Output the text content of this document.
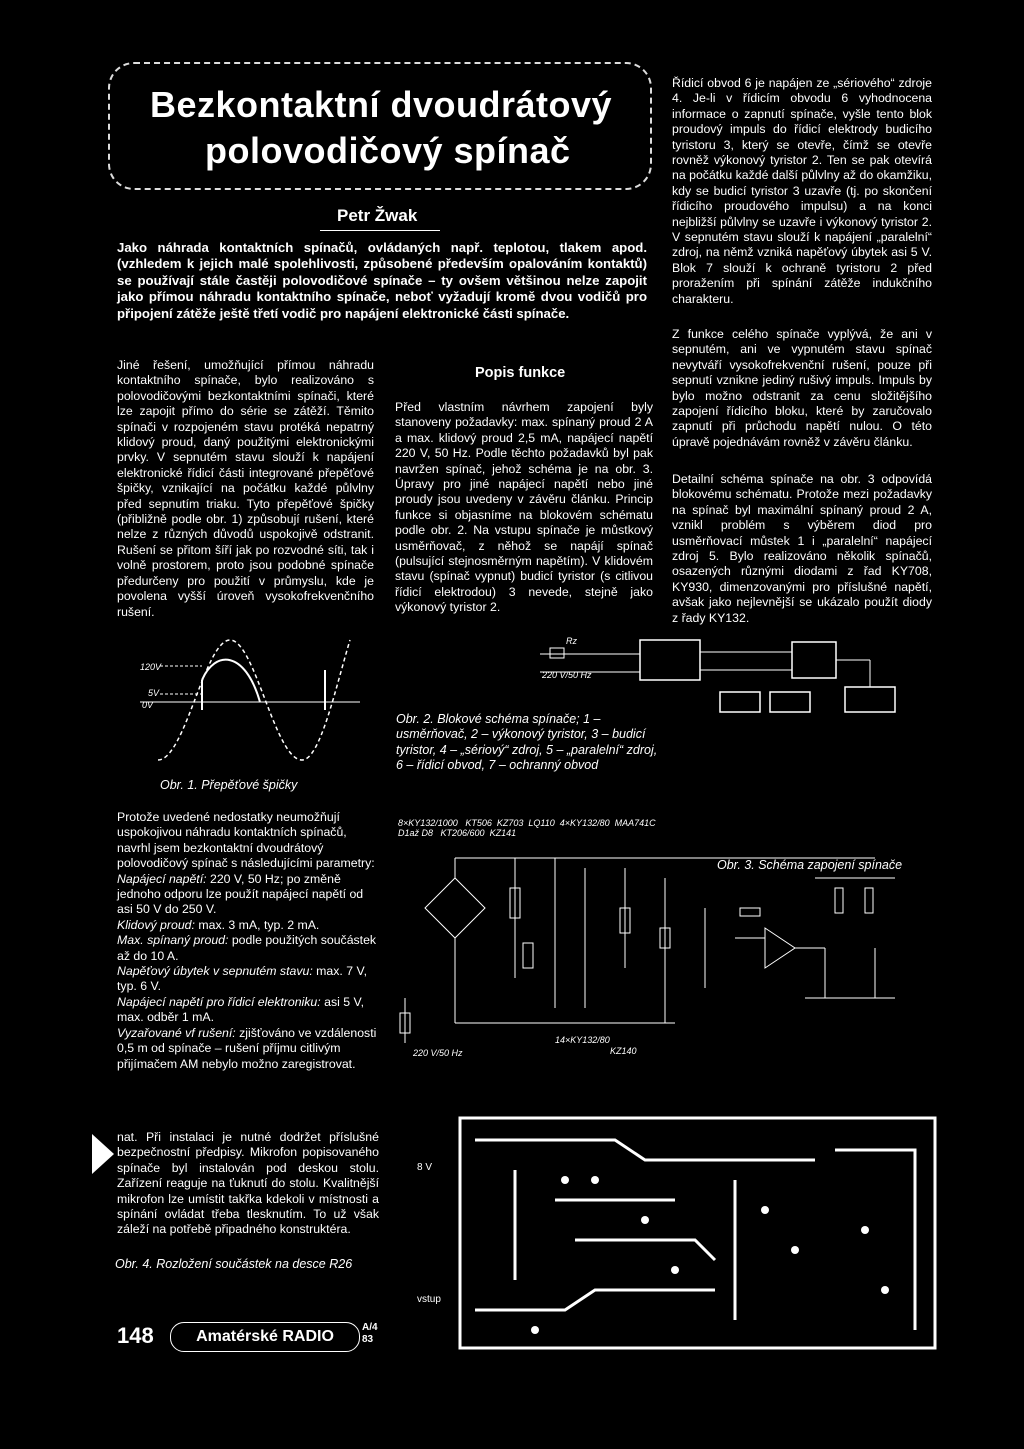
Bezkontaktní dvoudrátový
polovodičový spínač
Petr Žwak
Jako náhrada kontaktních spínačů, ovládaných např. teplotou, tlakem apod. (vzhledem k jejich malé spolehlivosti, způsobené především opalováním kontaktů) se používají stále častěji polovodičové spínače – ty ovšem většinou nelze zapojit jako přímou náhradu kontaktního spínače, neboť vyžadují kromě dvou vodičů pro připojení zátěže ještě třetí vodič pro napájení elektronické části spínače.
Jiné řešení, umožňující přímou náhradu kontaktního spínače, bylo realizováno s polovodičovými bezkontaktními spínači, které lze zapojit přímo do série se zátěží. Těmito spínači v rozpojeném stavu protéká nepatrný klidový proud, daný použitými elektronickými prvky. V sepnutém stavu slouží k napájení elektronické řídicí části integrované přepěťové špičky, vznikající na počátku každé půlvlny před sepnutím triaku. Tyto přepěťové špičky (přibližně podle obr. 1) způsobují rušení, které nelze z různých důvodů uspokojivě odstranit. Rušení se přitom šíří jak po rozvodné síti, tak i volně prostorem, proto jsou podobné spínače předurčeny pro použití v průmyslu, kde je povolena vyšší úroveň vysokofrekvenčního rušení.
Popis funkce
Před vlastním návrhem zapojení byly stanoveny požadavky: max. spínaný proud 2 A a max. klidový proud 2,5 mA, napájecí napětí 220 V, 50 Hz. Podle těchto požadavků byl pak navržen spínač, jehož schéma je na obr. 3. Úpravy pro jiné napájecí napětí nebo jiné proudy jsou uvedeny v závěru článku. Princip funkce si objasníme na blokovém schématu podle obr. 2. Na vstupu spínače je můstkový usměrňovač, z něhož se napájí spínač (pulsující stejnosměrným napětím). V klidovém stavu (spínač vypnut) budicí tyristor (s citlivou řídicí elektrodou) 3 nevede, stejně jako výkonový tyristor 2.
Řídicí obvod 6 je napájen ze „sériového“ zdroje 4. Je-li v řídicím obvodu 6 vyhodnocena informace o zapnutí spínače, vyšle tento blok proudový impuls do řídicí elektrody budicího tyristoru 3, který se otevře, čímž se otevře rovněž výkonový tyristor 2. Ten se pak otevírá na počátku každé další půlvlny až do okamžiku, kdy se budicí tyristor 3 uzavře (tj. po skončení řídicího proudového impulsu) a na konci nejbližší půlvlny se uzavře i výkonový tyristor 2. V sepnutém stavu slouží k napájení „paralelní“ zdroj, na němž vzniká napěťový úbytek asi 5 V. Blok 7 slouží k ochraně tyristoru 2 před proražením při spínání zátěže indukčního charakteru.
Z funkce celého spínače vyplývá, že ani v sepnutém, ani ve vypnutém stavu spínač nevytváří vysokofrekvenční rušení, pouze při sepnutí vznikne jediný rušivý impuls. Impuls by bylo možno odstranit za cenu složitějšího zapojení řídicího bloku, které by zaručovalo zapnutí při průchodu napětí nulou. O této úpravě pojednávám rovněž v závěru článku.
Detailní schéma spínače na obr. 3 odpovídá blokovému schématu. Protože mezi požadavky na spínač byl maximální spínaný proud 2 A, vznikl problém s výběrem diod pro usměrňovací můstek 1 i „paralelní“ napájecí zdroj 5. Bylo realizováno několik spínačů, osazených různými diodami z řad KY708, KY930, dimenzovanými pro příslušné napětí, avšak jako nejlevnější se ukázalo použít diody z řady KY132.
120V
5V
0V
Obr. 1. Přepěťové špičky
Rz
220 V/50 Hz
Obr. 2. Blokové schéma spínače; 1 – usměrňovač, 2 – výkonový tyristor, 3 – budicí tyristor, 4 – „sériový“ zdroj, 5 – „paralelní“ zdroj, 6 – řídicí obvod, 7 – ochranný obvod

Protože uvedené nedostatky neumožňují uspokojivou náhradu kontaktních spínačů, navrhl jsem bezkontaktní dvoudrátový polovodičový spínač s následujícími parametry:

Napájecí napětí: 220 V, 50 Hz; po změně jednoho odporu lze použít napájecí napětí od asi 50 V do 250 V.
Klidový proud: max. 3 mA, typ. 2 mA.
Max. spínaný proud: podle použitých součástek až do 10 A.
Napěťový úbytek v sepnutém stavu: max. 7 V, typ. 6 V.
Napájecí napětí pro řídicí elektroniku: asi 5 V, max. odběr 1 mA.
Vyzařované vf rušení: zjišťováno ve vzdálenosti 0,5 m od spínače – rušení příjmu citlivým přijímačem AM nebylo možno zaregistrovat.
8×KY132/1000 KT506 KZ703 LQ110 4×KY132/80 MAA741C
D1až D8 KT206/600 KZ141
220 V/50 Hz
14×KY132/80
KZ140
Obr. 3. Schéma zapojení spínače
nat. Při instalaci je nutné dodržet příslušné bezpečnostní předpisy. Mikrofon popisovaného spínače byl instalován pod deskou stolu. Zařízení reaguje na ťuknutí do stolu. Kvalitnější mikrofon lze umístit takřka kdekoli v místnosti a spínání ovládat třeba tlesknutím. To už však záleží na potřebě připadného konstruktéra.
Obr. 4. Rozložení součástek na desce R26
8 V
vstup
148	Amatérské RADIO
A/4
83
